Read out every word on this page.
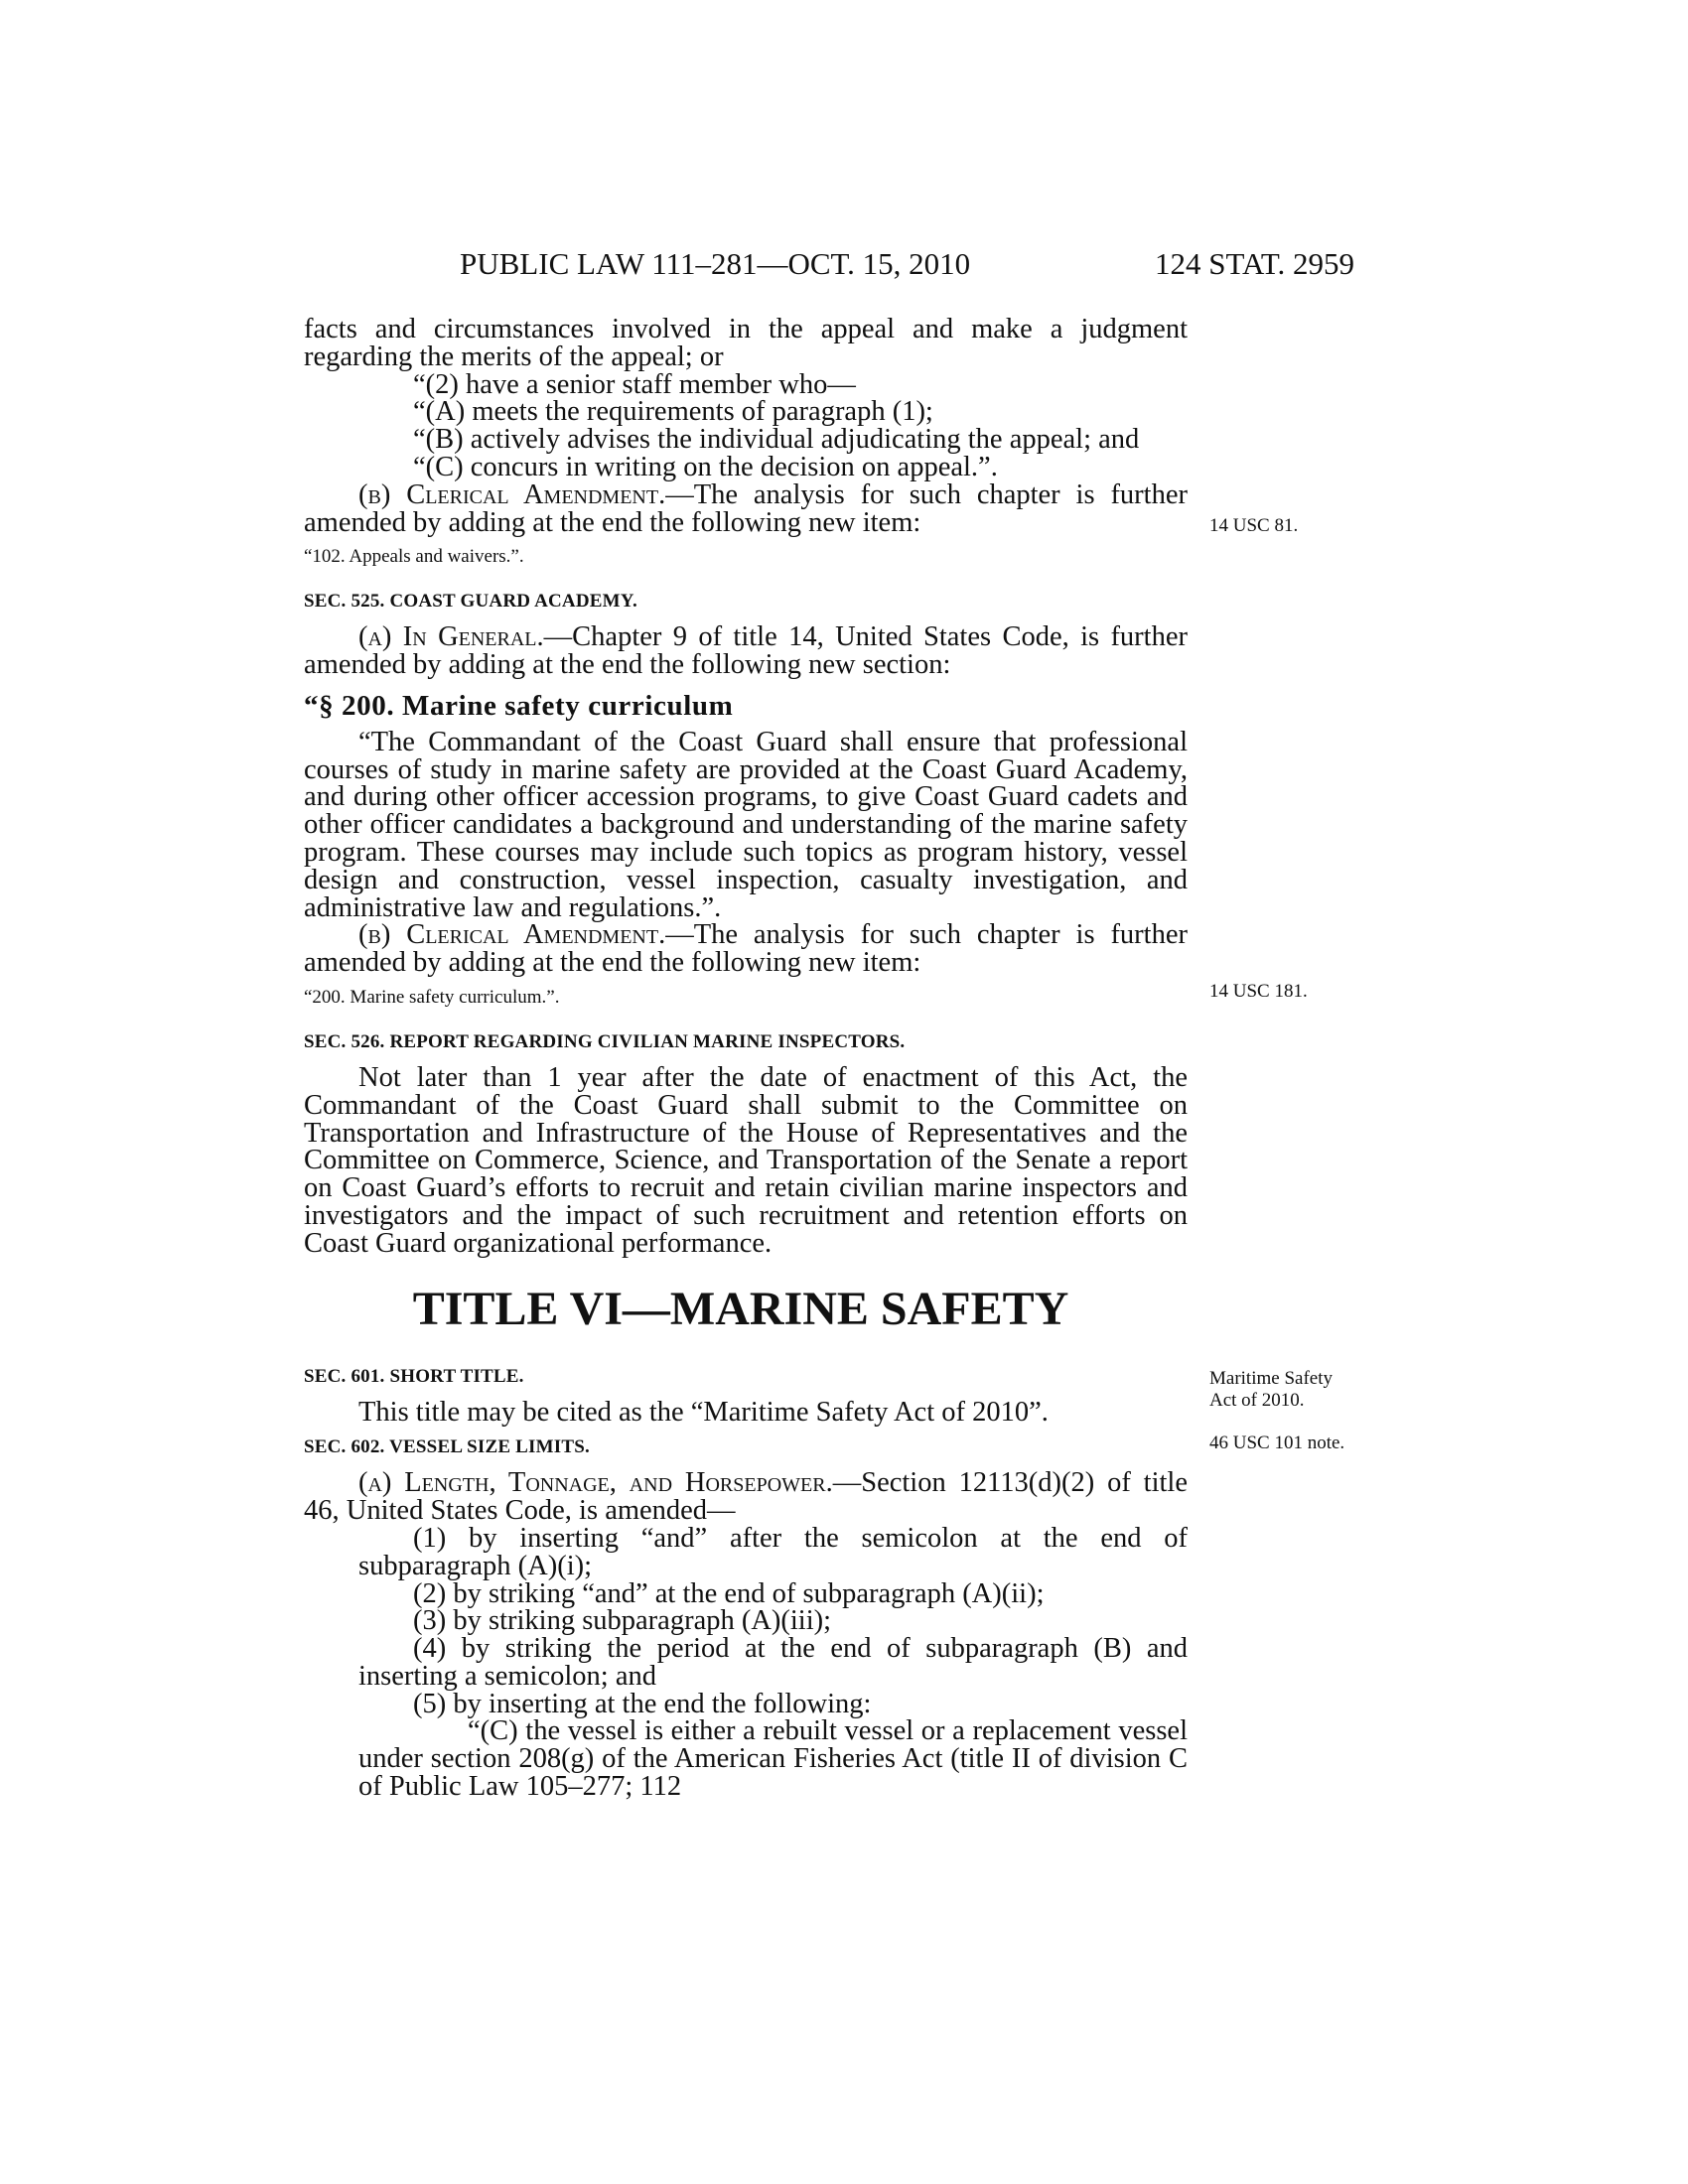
PUBLIC LAW 111–281—OCT. 15, 2010	124 STAT. 2959

facts and circumstances involved in the appeal and make a judgment regarding the merits of the appeal; or

“(2) have a senior staff member who—

“(A) meets the requirements of paragraph (1);

“(B) actively advises the individual adjudicating the appeal; and

“(C) concurs in writing on the decision on appeal.”.

(b) Clerical Amendment.—The analysis for such chapter is further amended by adding at the end the following new item:

“102. Appeals and waivers.”.

SEC. 525. COAST GUARD ACADEMY.

(a) In General.—Chapter 9 of title 14, United States Code, is further amended by adding at the end the following new section:

“§ 200. Marine safety curriculum

“The Commandant of the Coast Guard shall ensure that professional courses of study in marine safety are provided at the Coast Guard Academy, and during other officer accession programs, to give Coast Guard cadets and other officer candidates a background and understanding of the marine safety program. These courses may include such topics as program history, vessel design and construction, vessel inspection, casualty investigation, and administrative law and regulations.”.

(b) Clerical Amendment.—The analysis for such chapter is further amended by adding at the end the following new item:

“200. Marine safety curriculum.”.

SEC. 526. REPORT REGARDING CIVILIAN MARINE INSPECTORS.

Not later than 1 year after the date of enactment of this Act, the Commandant of the Coast Guard shall submit to the Committee on Transportation and Infrastructure of the House of Representatives and the Committee on Commerce, Science, and Transportation of the Senate a report on Coast Guard’s efforts to recruit and retain civilian marine inspectors and investigators and the impact of such recruitment and retention efforts on Coast Guard organizational performance.

TITLE VI—MARINE SAFETY

SEC. 601. SHORT TITLE.

This title may be cited as the “Maritime Safety Act of 2010”.

SEC. 602. VESSEL SIZE LIMITS.

(a) Length, Tonnage, and Horsepower.—Section 12113(d)(2) of title 46, United States Code, is amended—

(1) by inserting “and” after the semicolon at the end of subparagraph (A)(i);

(2) by striking “and” at the end of subparagraph (A)(ii);

(3) by striking subparagraph (A)(iii);

(4) by striking the period at the end of subparagraph (B) and inserting a semicolon; and

(5) by inserting at the end the following:

“(C) the vessel is either a rebuilt vessel or a replacement vessel under section 208(g) of the American Fisheries Act (title II of division C of Public Law 105–277; 112

14 USC 81.
14 USC 181.
Maritime Safety
Act of 2010.
46 USC 101 note.
